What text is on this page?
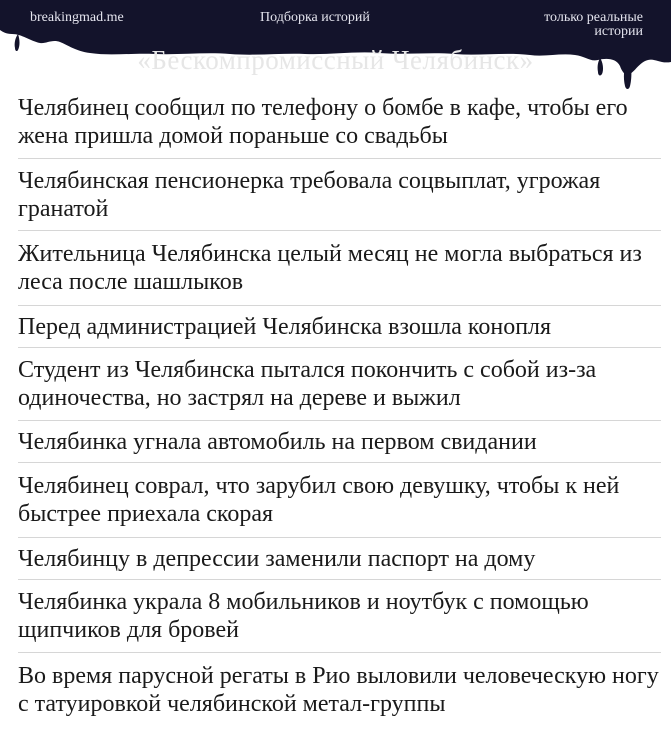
breakingmad.me	Подборка историй	только реальные
истории
«Бескомпромиссный Челябинск»
Челябинец сообщил по телефону о бомбе в кафе, чтобы его жена пришла домой пораньше со свадьбы
Челябинская пенсионерка требовала соцвыплат, угрожая гранатой
Жительница Челябинска целый месяц не могла выбраться из леса после шашлыков
Перед администрацией Челябинска взошла конопля
Студент из Челябинска пытался покончить с собой из-за одиночества, но застрял на дереве и выжил
Челябинка угнала автомобиль на первом свидании
Челябинец соврал, что зарубил свою девушку, чтобы к ней быстрее приехала скорая
Челябинцу в депрессии заменили паспорт на дому
Челябинка украла 8 мобильников и ноутбук с помощью щипчиков для бровей
Во время парусной регаты в Рио выловили человеческую ногу с татуировкой челябинской метал-группы
